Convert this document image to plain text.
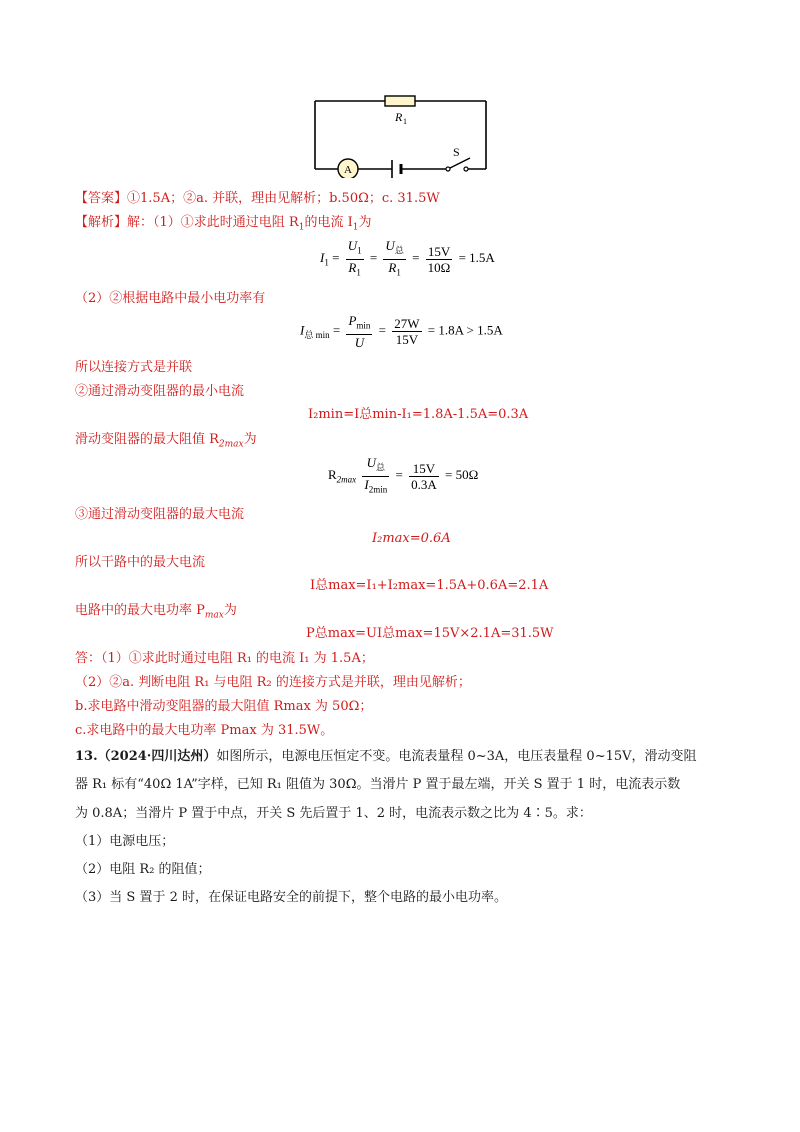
R 1
A
S
【答案】①1.5A；②a. 并联，理由见解析；b.50Ω；c. 31.5W
【解析】解：（1）①求此时通过电阻 $R_1$的电流 $I_1$为
$I_1 = \frac{U_1}{R_1} = \frac{U_总}{R_1} = \frac{15V}{10\Omega} = 1.5A$
（2）②根据电路中最小电功率有
$I_{总 min} = \frac{P_{min}}{U} = \frac{27W}{15V} = 1.8A > 1.5A$
所以连接方式是并联
②通过滑动变阻器的最小电流
I₂min=I总min-I₁=1.8A-1.5A=0.3A
滑动变阻器的最大阻值 $R_{2max}$为
$R_{2max} \frac{U_总}{I_{2min}} = \frac{15V}{0.3A} = 50\Omega$
③通过滑动变阻器的最大电流
I₂max=0.6A
所以干路中的最大电流
I总max=I₁+I₂max=1.5A+0.6A=2.1A
电路中的最大电功率 $P_{max}$为
P总max=UI总max=15V×2.1A=31.5W
答：（1）①求此时通过电阻 R₁ 的电流 I₁ 为 1.5A；
（2）②a. 判断电阻 R₁ 与电阻 R₂ 的连接方式是并联，理由见解析；
b.求电路中滑动变阻器的最大阻值 Rmax 为 50Ω；
c.求电路中的最大电功率 Pmax 为 31.5W。
13.（2024·四川达州）如图所示，电源电压恒定不变。电流表量程 0~3A，电压表量程 0~15V，滑动变阻
器 R₁ 标有“40Ω 1A”字样，已知 R₁ 阻值为 30Ω。当滑片 P 置于最左端，开关 S 置于 1 时，电流表示数
为 0.8A；当滑片 P 置于中点，开关 S 先后置于 1、2 时，电流表示数之比为 4∶5。求：
（1）电源电压；
（2）电阻 R₂ 的阻值；
（3）当 S 置于 2 时，在保证电路安全的前提下，整个电路的最小电功率。
